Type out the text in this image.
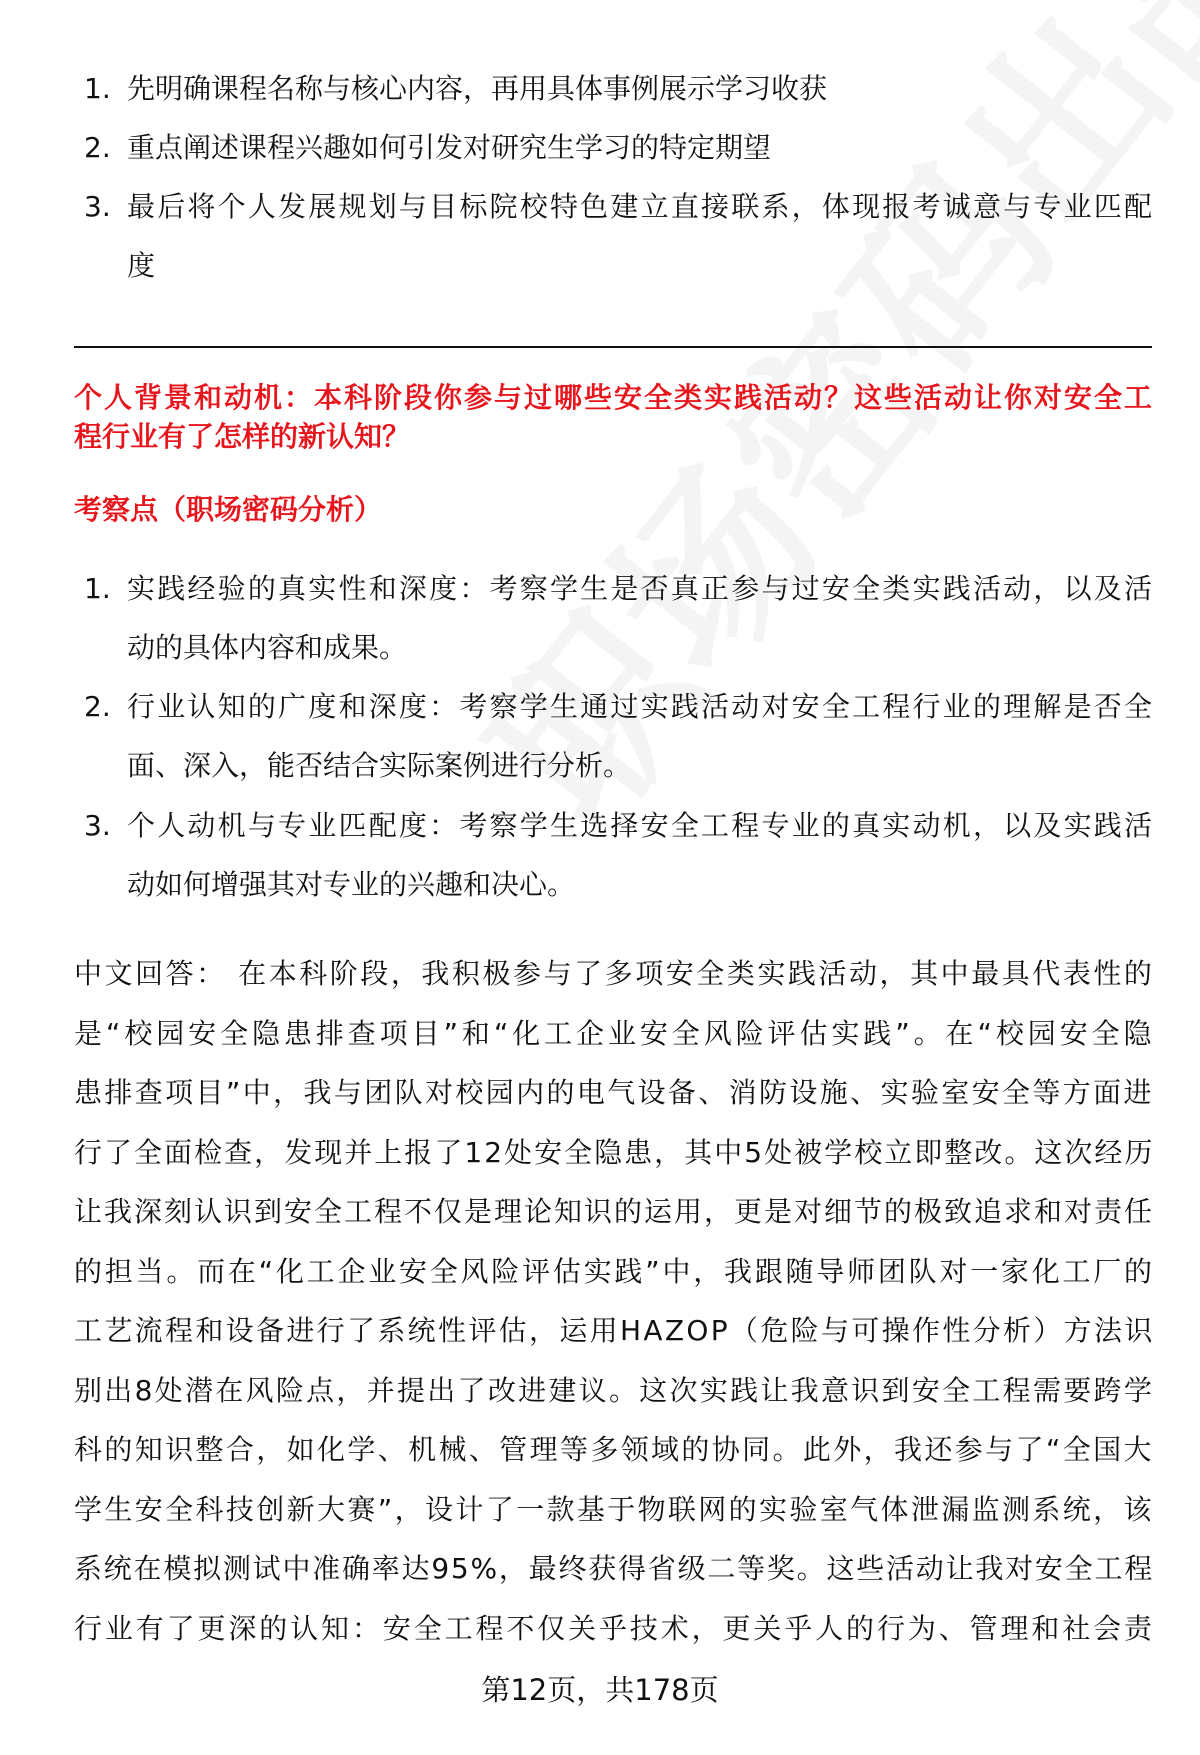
1. 先明确课程名称与核心内容，再用具体事例展示学习收获
2. 重点阐述课程兴趣如何引发对研究生学习的特定期望
3. 最后将个人发展规划与目标院校特色建立直接联系，体现报考诚意与专业匹配
度
个人背景和动机：本科阶段你参与过哪些安全类实践活动？这些活动让你对安全工
程行业有了怎样的新认知？
考察点（职场密码分析）
1. 实践经验的真实性和深度：考察学生是否真正参与过安全类实践活动，以及活
动的具体内容和成果。
2. 行业认知的广度和深度：考察学生通过实践活动对安全工程行业的理解是否全
面、深入，能否结合实际案例进行分析。
3. 个人动机与专业匹配度：考察学生选择安全工程专业的真实动机，以及实践活
动如何增强其对专业的兴趣和决心。
中文回答： 在本科阶段，我积极参与了多项安全类实践活动，其中最具代表性的
是“校园安全隐患排查项目”和“化工企业安全风险评估实践”。在“校园安全隐
患排查项目”中，我与团队对校园内的电气设备、消防设施、实验室安全等方面进
行了全面检查，发现并上报了12处安全隐患，其中5处被学校立即整改。这次经历
让我深刻认识到安全工程不仅是理论知识的运用，更是对细节的极致追求和对责任
的担当。而在“化工企业安全风险评估实践”中，我跟随导师团队对一家化工厂的
工艺流程和设备进行了系统性评估，运用HAZOP（危险与可操作性分析）方法识
别出8处潜在风险点，并提出了改进建议。这次实践让我意识到安全工程需要跨学
科的知识整合，如化学、机械、管理等多领域的协同。此外，我还参与了“全国大
学生安全科技创新大赛”，设计了一款基于物联网的实验室气体泄漏监测系统，该
系统在模拟测试中准确率达95%，最终获得省级二等奖。这些活动让我对安全工程
行业有了更深的认知：安全工程不仅关乎技术，更关乎人的行为、管理和社会责
第12页，共178页
